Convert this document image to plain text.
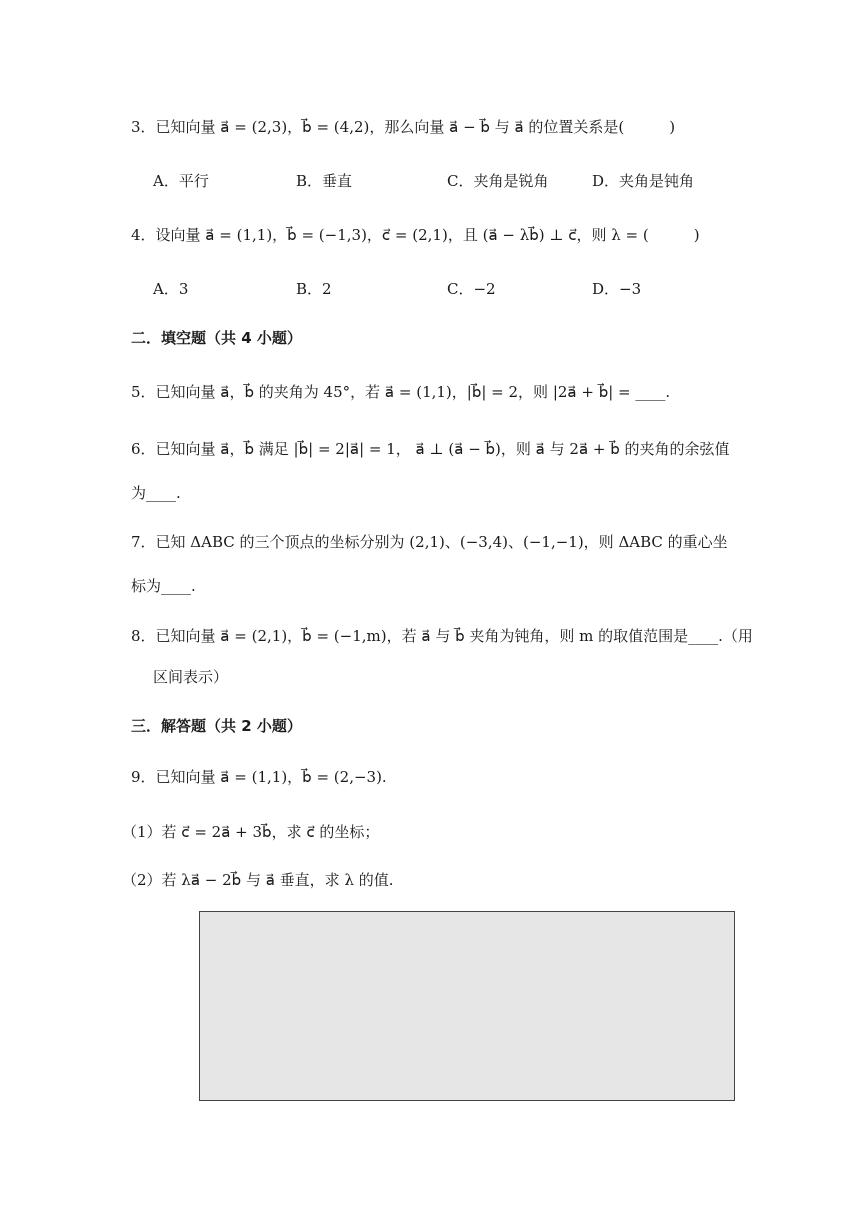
3．已知向量 a⃗ = (2,3)，b⃗ = (4,2)，那么向量 a⃗ − b⃗ 与 a⃗ 的位置关系是(　　　)
A．平行	B．垂直	C．夹角是锐角	D．夹角是钝角
4．设向量 a⃗ = (1,1)，b⃗ = (−1,3)，c⃗ = (2,1)，且 (a⃗ − λb⃗) ⊥ c⃗，则 λ = (　　　)
A．3	B．2	C．−2	D．−3
二．填空题（共 4 小题）
5．已知向量 a⃗，b⃗ 的夹角为 45°，若 a⃗ = (1,1)，|b⃗| = 2，则 |2a⃗ + b⃗| = ____.
6．已知向量 a⃗，b⃗ 满足 |b⃗| = 2|a⃗| = 1， a⃗ ⊥ (a⃗ − b⃗)，则 a⃗ 与 2a⃗ + b⃗ 的夹角的余弦值
为____.
7．已知 ΔABC 的三个顶点的坐标分别为 (2,1)、(−3,4)、(−1,−1)，则 ΔABC 的重心坐
标为____.
8．已知向量 a⃗ = (2,1)，b⃗ = (−1,m)，若 a⃗ 与 b⃗ 夹角为钝角，则 m 的取值范围是____.（用
区间表示）
三．解答题（共 2 小题）
9．已知向量 a⃗ = (1,1)，b⃗ = (2,−3).
（1）若 c⃗ = 2a⃗ + 3b⃗，求 c⃗ 的坐标；
（2）若 λa⃗ − 2b⃗ 与 a⃗ 垂直，求 λ 的值.
